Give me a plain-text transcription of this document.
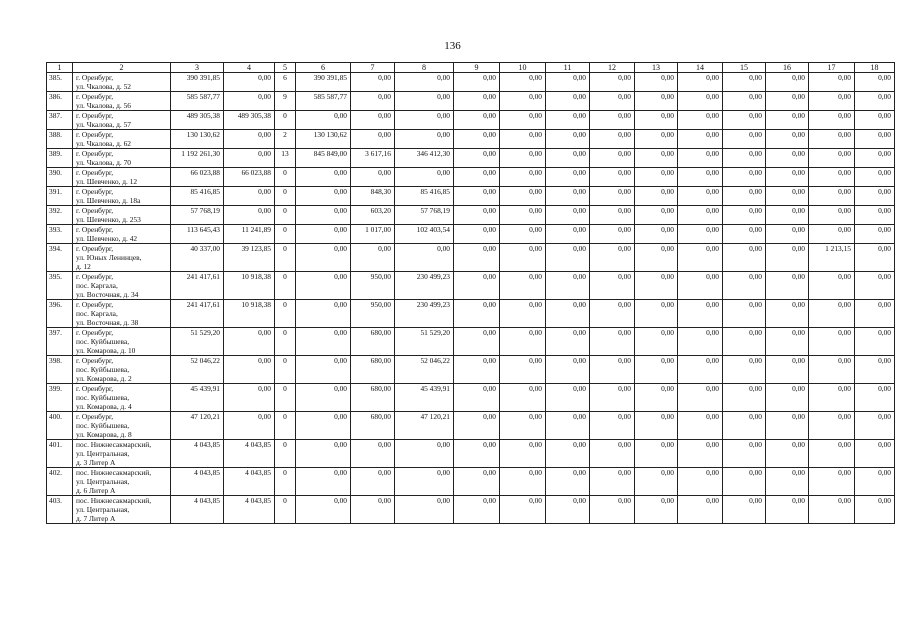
136
1	2	3	4	5	6	7	8	9	10	11	12	13	14	15	16	17	18
385.	г. Оренбург,
ул. Чкалова, д. 52	390 391,85	0,00	6	390 391,85	0,00	0,00	0,00	0,00	0,00	0,00	0,00	0,00	0,00	0,00	0,00	0,00
386.	г. Оренбург,
ул. Чкалова, д. 56	585 587,77	0,00	9	585 587,77	0,00	0,00	0,00	0,00	0,00	0,00	0,00	0,00	0,00	0,00	0,00	0,00
387.	г. Оренбург,
ул. Чкалова, д. 57	489 305,38	489 305,38	0	0,00	0,00	0,00	0,00	0,00	0,00	0,00	0,00	0,00	0,00	0,00	0,00	0,00
388.	г. Оренбург,
ул. Чкалова, д. 62	130 130,62	0,00	2	130 130,62	0,00	0,00	0,00	0,00	0,00	0,00	0,00	0,00	0,00	0,00	0,00	0,00
389.	г. Оренбург,
ул. Чкалова, д. 70	1 192 261,30	0,00	13	845 849,00	3 617,16	346 412,30	0,00	0,00	0,00	0,00	0,00	0,00	0,00	0,00	0,00	0,00
390.	г. Оренбург,
ул. Шевченко, д. 12	66 023,88	66 023,88	0	0,00	0,00	0,00	0,00	0,00	0,00	0,00	0,00	0,00	0,00	0,00	0,00	0,00
391.	г. Оренбург,
ул. Шевченко, д. 18а	85 416,85	0,00	0	0,00	848,30	85 416,85	0,00	0,00	0,00	0,00	0,00	0,00	0,00	0,00	0,00	0,00
392.	г. Оренбург,
ул. Шевченко, д. 253	57 768,19	0,00	0	0,00	603,20	57 768,19	0,00	0,00	0,00	0,00	0,00	0,00	0,00	0,00	0,00	0,00
393.	г. Оренбург,
ул. Шевченко, д. 42	113 645,43	11 241,89	0	0,00	1 017,00	102 403,54	0,00	0,00	0,00	0,00	0,00	0,00	0,00	0,00	0,00	0,00
394.	г. Оренбург,
ул. Юных Ленинцев,
д. 12	40 337,00	39 123,85	0	0,00	0,00	0,00	0,00	0,00	0,00	0,00	0,00	0,00	0,00	0,00	1 213,15	0,00
395.	г. Оренбург,
пос. Каргала,
ул. Восточная, д. 34	241 417,61	10 918,38	0	0,00	950,00	230 499,23	0,00	0,00	0,00	0,00	0,00	0,00	0,00	0,00	0,00	0,00
396.	г. Оренбург,
пос. Каргала,
ул. Восточная, д. 38	241 417,61	10 918,38	0	0,00	950,00	230 499,23	0,00	0,00	0,00	0,00	0,00	0,00	0,00	0,00	0,00	0,00
397.	г. Оренбург,
пос. Куйбышева,
ул. Комарова, д. 10	51 529,20	0,00	0	0,00	680,00	51 529,20	0,00	0,00	0,00	0,00	0,00	0,00	0,00	0,00	0,00	0,00
398.	г. Оренбург,
пос. Куйбышева,
ул. Комарова, д. 2	52 046,22	0,00	0	0,00	680,00	52 046,22	0,00	0,00	0,00	0,00	0,00	0,00	0,00	0,00	0,00	0,00
399.	г. Оренбург,
пос. Куйбышева,
ул. Комарова, д. 4	45 439,91	0,00	0	0,00	680,00	45 439,91	0,00	0,00	0,00	0,00	0,00	0,00	0,00	0,00	0,00	0,00
400.	г. Оренбург,
пос. Куйбышева,
ул. Комарова, д. 8	47 120,21	0,00	0	0,00	680,00	47 120,21	0,00	0,00	0,00	0,00	0,00	0,00	0,00	0,00	0,00	0,00
401.	пос. Нижнесакмарский,
ул. Центральная,
д. 3 Литер А	4 043,85	4 043,85	0	0,00	0,00	0,00	0,00	0,00	0,00	0,00	0,00	0,00	0,00	0,00	0,00	0,00
402.	пос. Нижнесакмарский,
ул. Центральная,
д. 6 Литер А	4 043,85	4 043,85	0	0,00	0,00	0,00	0,00	0,00	0,00	0,00	0,00	0,00	0,00	0,00	0,00	0,00
403.	пос. Нижнесакмарский,
ул. Центральная,
д. 7 Литер А	4 043,85	4 043,85	0	0,00	0,00	0,00	0,00	0,00	0,00	0,00	0,00	0,00	0,00	0,00	0,00	0,00
